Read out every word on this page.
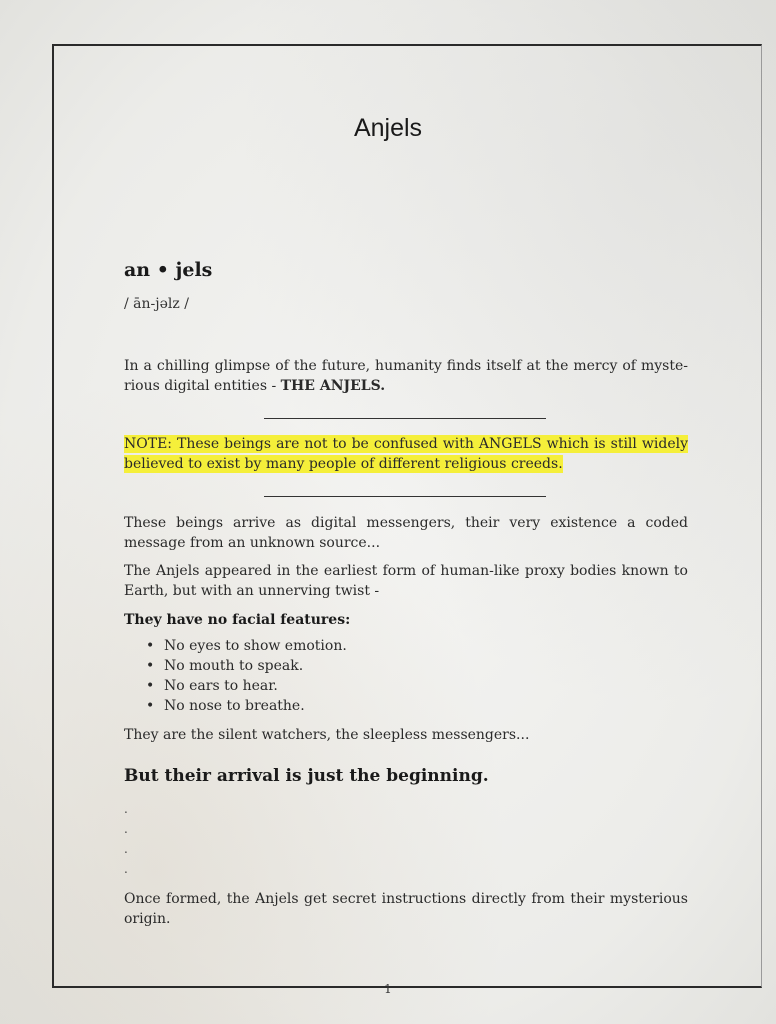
Anjels
an • jels
/ ān-jəlz /

In a chilling glimpse of the future, humanity finds itself at the mercy of myste- rious digital entities - THE ANJELS.

NOTE: These beings are not to be confused with ANGELS which is still widely believed to exist by many people of different religious creeds.

These beings arrive as digital messengers, their very existence a coded message from an unknown source...

The Anjels appeared in the earliest form of human-like proxy bodies known to Earth, but with an unnerving twist -

They have no facial features:
• No eyes to show emotion.
• No mouth to speak.
• No ears to hear.
• No nose to breathe.

They are the silent watchers, the sleepless messengers...

But their arrival is just the beginning.
.
.
.
.

Once formed, the Anjels get secret instructions directly from their mysterious origin.

1
